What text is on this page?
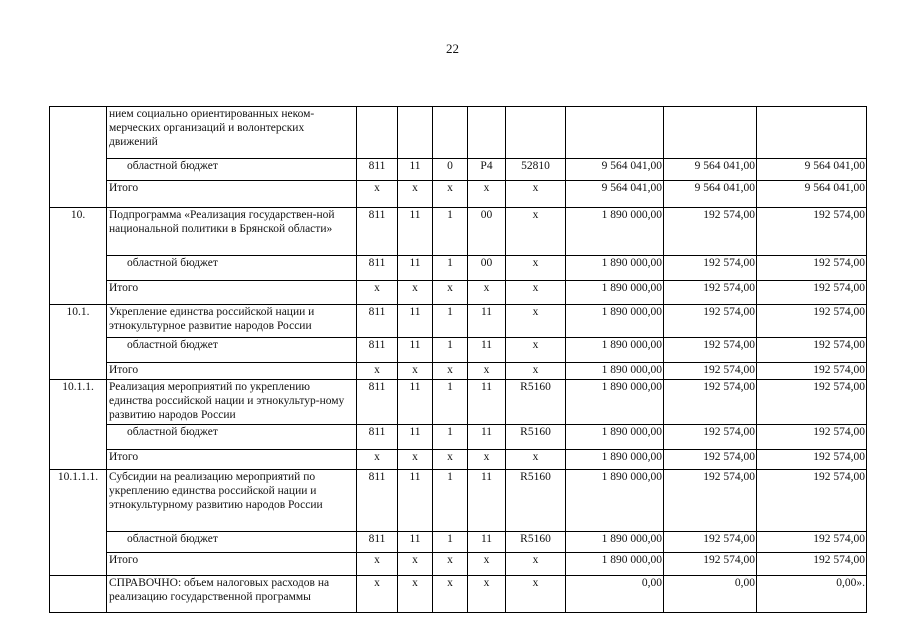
22
	нием социально ориентированных неком-мерческих организаций и волонтерских движений								

	областной бюджет	811	11	0	Р4	52810	9 564 041,00	9 564 041,00	9 564 041,00

	Итого	х	х	х	х	х	9 564 041,00	9 564 041,00	9 564 041,00

10.	Подпрограмма «Реализация государствен-ной национальной политики в Брянской области»	811	11	1	00	х	1 890 000,00	192 574,00	192 574,00

	областной бюджет	811	11	1	00	х	1 890 000,00	192 574,00	192 574,00

	Итого	х	х	х	х	х	1 890 000,00	192 574,00	192 574,00

10.1.	Укрепление единства российской нации и этнокультурное развитие народов России	811	11	1	11	х	1 890 000,00	192 574,00	192 574,00

	областной бюджет	811	11	1	11	х	1 890 000,00	192 574,00	192 574,00

	Итого	х	х	х	х	х	1 890 000,00	192 574,00	192 574,00

10.1.1.	Реализация мероприятий по укреплению единства российской нации и этнокультур-ному развитию народов России	811	11	1	11	R5160	1 890 000,00	192 574,00	192 574,00

	областной бюджет	811	11	1	11	R5160	1 890 000,00	192 574,00	192 574,00

	Итого	х	х	х	х	х	1 890 000,00	192 574,00	192 574,00

10.1.1.1.	Субсидии на реализацию мероприятий по укреплению единства российской нации и этнокультурному развитию народов России	811	11	1	11	R5160	1 890 000,00	192 574,00	192 574,00

	областной бюджет	811	11	1	11	R5160	1 890 000,00	192 574,00	192 574,00

	Итого	х	х	х	х	х	1 890 000,00	192 574,00	192 574,00

	СПРАВОЧНО: объем налоговых расходов на реализацию государственной программы	х	х	х	х	х	0,00	0,00	0,00».
